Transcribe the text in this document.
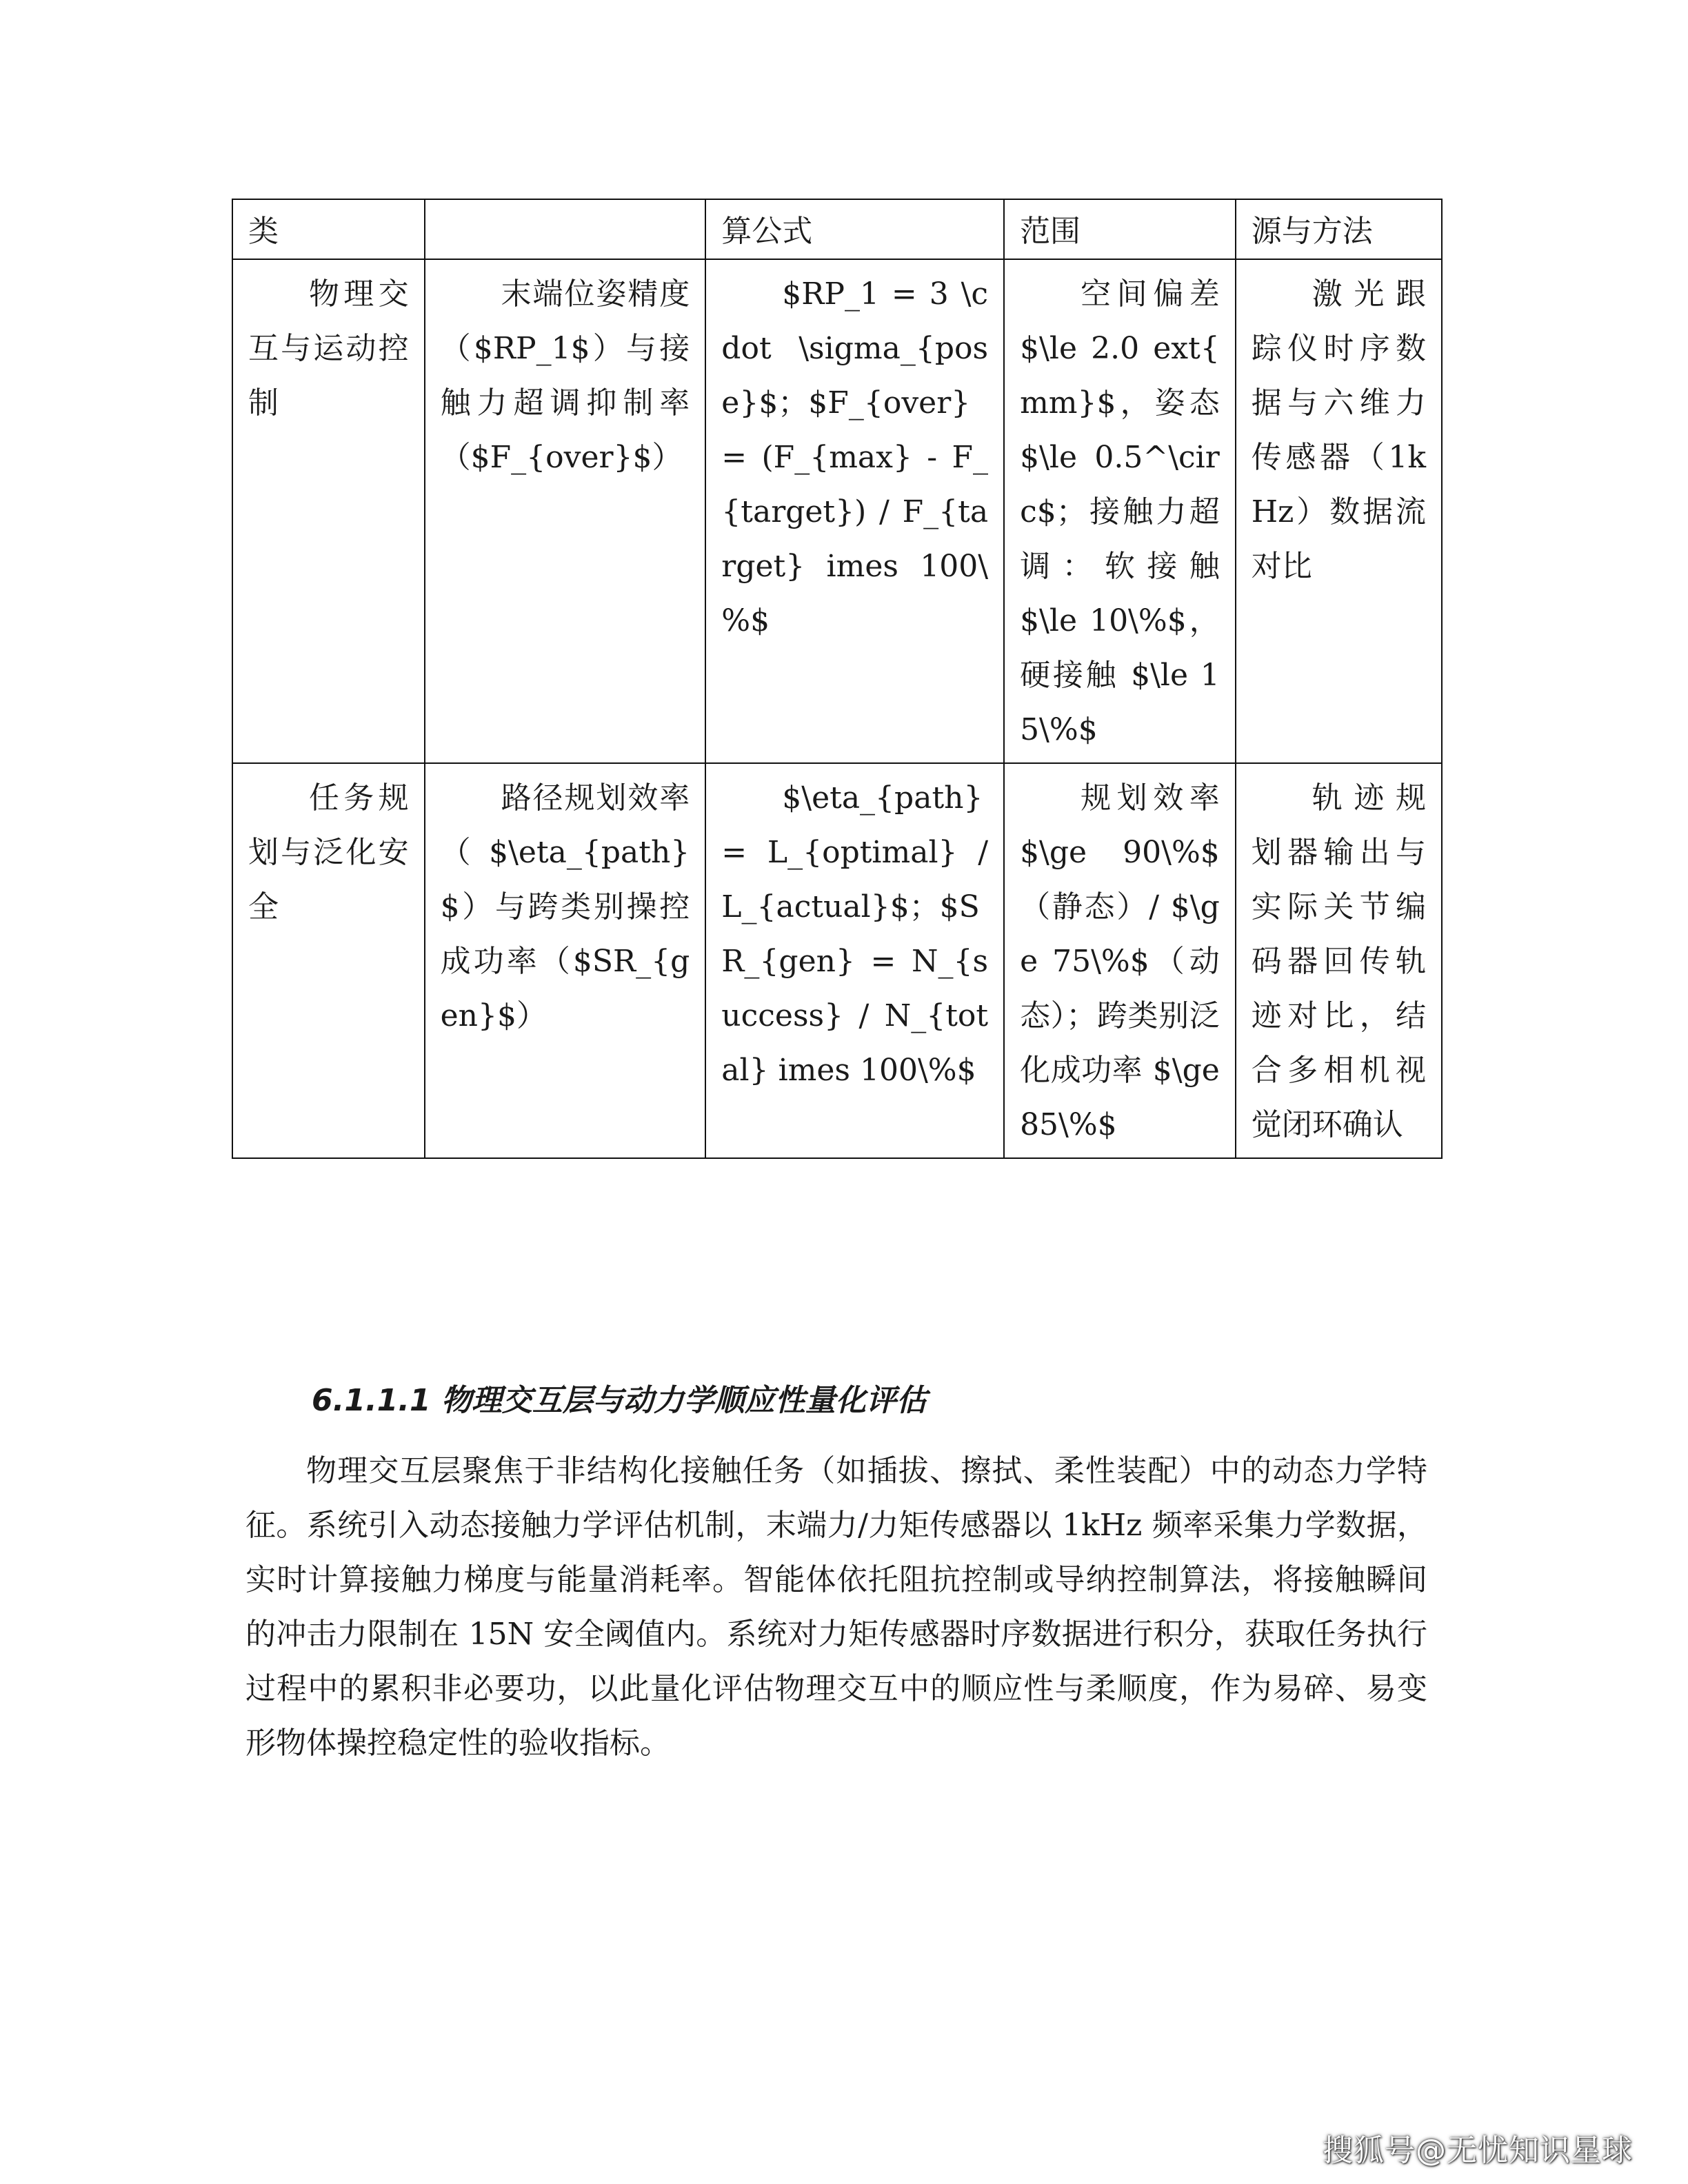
类		算公式	范围	源与方法
物理交互与运动控制	末端位姿精度（$RP_1$）与接触力超调抑制率（$F_{over}$）	$RP_1 = 3 \cdot \sigma_{pose}$；$F_{over} = (F_{max} - F_{target}) / F_{target} imes 100\%$	空间偏差 $\le 2.0 ext{ mm}$，姿态 $\le 0.5^\circ$；接触力超调：软接触 $\le 10\%$，硬接触 $\le 15\%$	激光跟踪仪时序数据与六维力传感器（1kHz）数据流对比
任务规划与泛化安全	路径规划效率（$\eta_{path}$）与跨类别操控成功率（$SR_{gen}$）	$\eta_{path} = L_{optimal} / L_{actual}$；$SR_{gen} = N_{success} / N_{total} imes 100\%$	规划效率 $\ge 90\%$（静态）/ $\ge 75\%$（动态）；跨类别泛化成功率 $\ge 85\%$	轨迹规划器输出与实际关节编码器回传轨迹对比，结合多相机视觉闭环确认
6.1.1.1 物理交互层与动力学顺应性量化评估

物理交互层聚焦于非结构化接触任务（如插拔、擦拭、柔性装配）中的动态力学特征。系统引入动态接触力学评估机制，末端力/力矩传感器以 1kHz 频率采集力学数据，实时计算接触力梯度与能量消耗率。智能体依托阻抗控制或导纳控制算法，将接触瞬间的冲击力限制在 15N 安全阈值内。系统对力矩传感器时序数据进行积分，获取任务执行过程中的累积非必要功，以此量化评估物理交互中的顺应性与柔顺度，作为易碎、易变形物体操控稳定性的验收指标。

搜狐号@无忧知识星球
